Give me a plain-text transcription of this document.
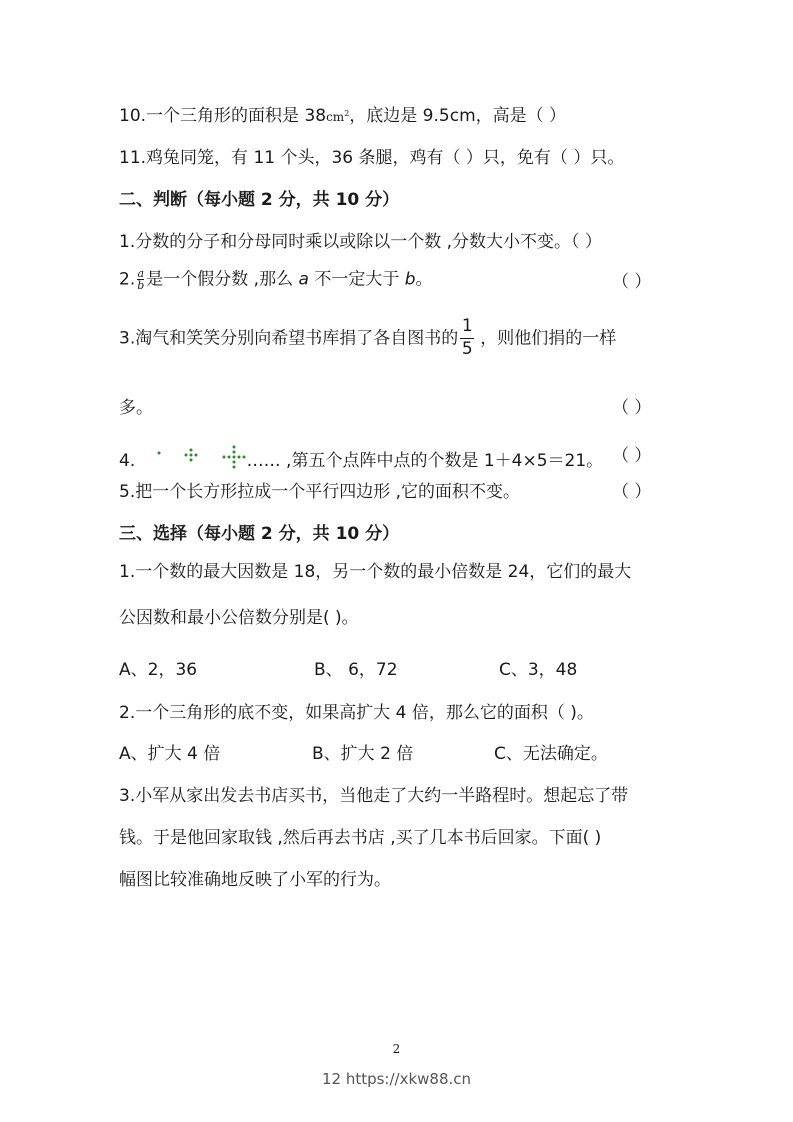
10.一个三角形的面积是 $38cm^2$，底边是 9.5cm，高是（ ）
11.鸡兔同笼，有 11 个头，36 条腿，鸡有（ ）只，免有（ ）只。
二、判断（每小题 2 分，共 10 分）
1.分数的分子和分母同时乘以或除以一个数 ,分数大小不变。（ ）
2. $\frac{a}{b}$ 是一个假分数 ,那么 a 不一定大于 b。	（ ）
3.淘气和笑笑分别向希望书库捐了各自图书的 $\frac{1}{5}$ ，则他们捐的一样
多。	（ ）
4.	…… ,第五个点阵中点的个数是 1＋4×5＝21。 （ ）
5.把一个长方形拉成一个平行四边形 ,它的面积不变。	（ ）
三、选择（每小题 2 分，共 10 分）
1.一个数的最大因数是 18，另一个数的最小倍数是 24，它们的最大
公因数和最小公倍数分别是( )。
A、2，36	B、 6，72	C、3，48
2.一个三角形的底不变，如果高扩大 4 倍，那么它的面积（ )。
A、扩大 4 倍	B、扩大 2 倍	C、无法确定。
3.小军从家出发去书店买书，当他走了大约一半路程时。想起忘了带
钱。于是他回家取钱 ,然后再去书店 ,买了几本书后回家。下面( )
幅图比较准确地反映了小军的行为。
2
12 https://xkw88.cn
